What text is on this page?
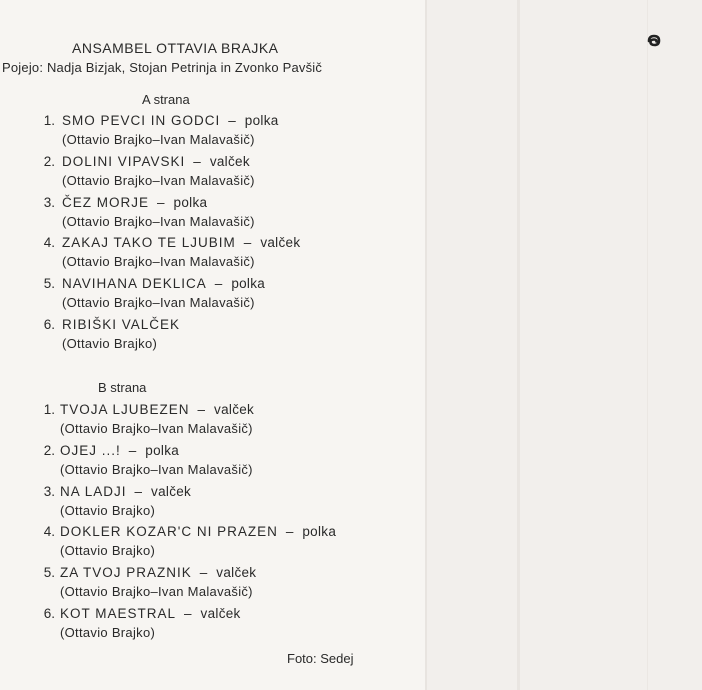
ANSAMBEL OTTAVIA BRAJKA
Pojejo: Nadja Bizjak, Stojan Petrinja in Zvonko Pavšič
A strana
1. SMO PEVCI IN GODCI – polka
(Ottavio Brajko–Ivan Malavašič)
2. DOLINI VIPAVSKI – valček
(Ottavio Brajko–Ivan Malavašič)
3. ČEZ MORJE – polka
(Ottavio Brajko–Ivan Malavašič)
4. ZAKAJ TAKO TE LJUBIM – valček
(Ottavio Brajko–Ivan Malavašič)
5. NAVIHANA DEKLICA – polka
(Ottavio Brajko–Ivan Malavašič)
6. RIBIŠKI VALČEK
(Ottavio Brajko)
B strana
1. TVOJA LJUBEZEN – valček
(Ottavio Brajko–Ivan Malavašič)
2. OJEJ ...! – polka
(Ottavio Brajko–Ivan Malavašič)
3. NA LADJI – valček
(Ottavio Brajko)
4. DOKLER KOZAR'C NI PRAZEN – polka
(Ottavio Brajko)
5. ZA TVOJ PRAZNIK – valček
(Ottavio Brajko–Ivan Malavašič)
6. KOT MAESTRAL – valček
(Ottavio Brajko)
Foto: Sedej
